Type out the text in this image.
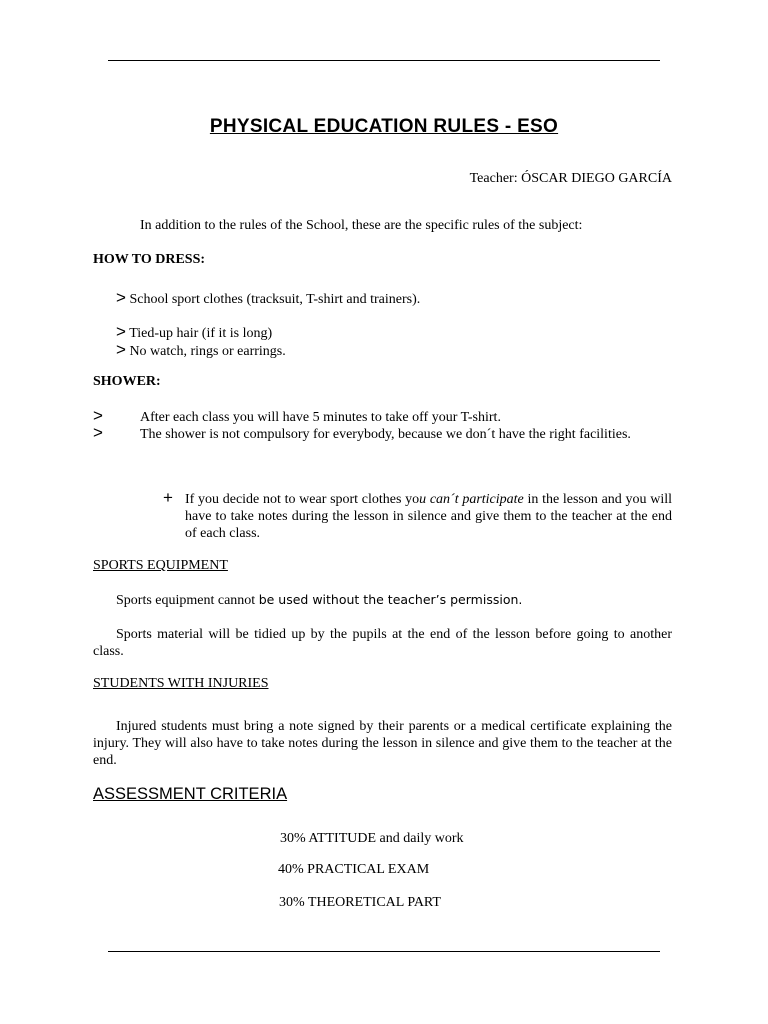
PHYSICAL EDUCATION RULES - ESO
Teacher: ÓSCAR DIEGO GARCÍA
In addition to the rules of the School, these are the specific rules of the subject:
HOW TO DRESS:
> School sport clothes (tracksuit, T-shirt and trainers).
> Tied-up hair (if it is long)
> No watch, rings or earrings.
SHOWER:
>	After each class you will have 5 minutes to take off your T-shirt.
>	The shower is not compulsory for everybody, because we don´t have the right facilities.
+ If you decide not to wear sport clothes you can´t participate in the lesson and you will have to take notes during the lesson in silence and give them to the teacher at the end of each class.
SPORTS EQUIPMENT
Sports equipment cannot be used without the teacher’s permission.
Sports material will be tidied up by the pupils at the end of the lesson before going to another class.
STUDENTS WITH INJURIES
Injured students must bring a note signed by their parents or a medical certificate explaining the injury. They will also have to take notes during the lesson in silence and give them to the teacher at the end.
ASSESSMENT CRITERIA
30% ATTITUDE and daily work
40% PRACTICAL EXAM
30% THEORETICAL PART
